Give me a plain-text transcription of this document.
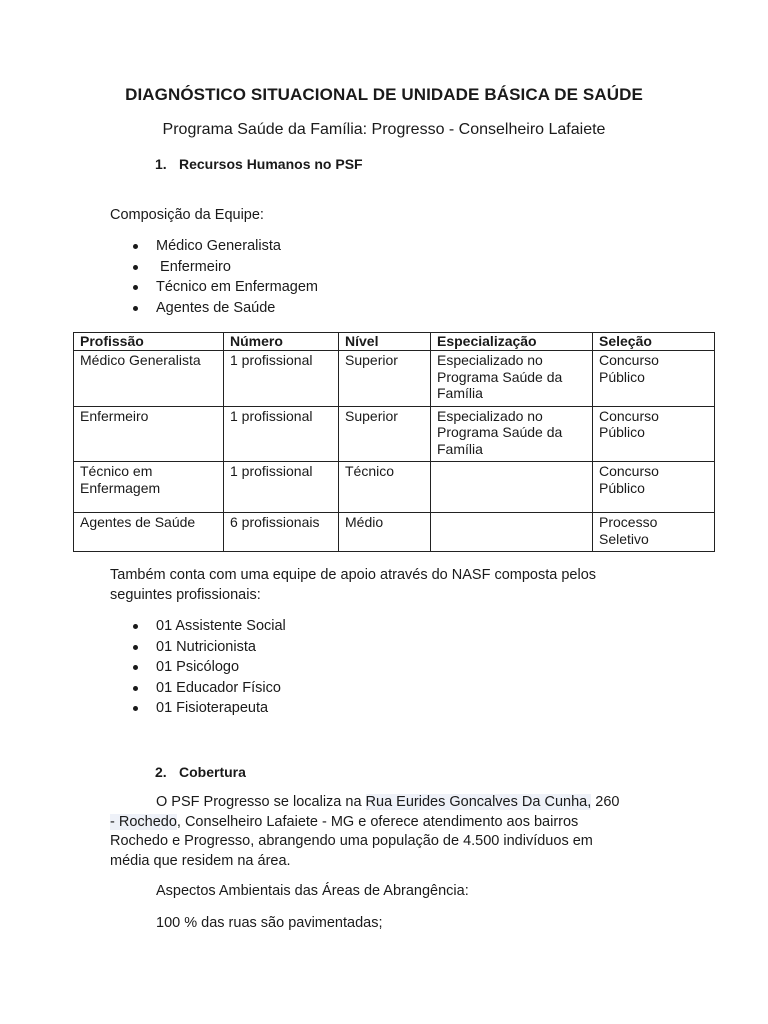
DIAGNÓSTICO SITUACIONAL DE UNIDADE BÁSICA DE SAÚDE
Programa Saúde da Família: Progresso - Conselheiro Lafaiete
1. Recursos Humanos no PSF
Composição da Equipe:
Médico Generalista
Enfermeiro
Técnico em Enfermagem
Agentes de Saúde
Profissão	Número	Nível	Especialização	Seleção
Médico Generalista	1 profissional	Superior	Especializado no Programa Saúde da Família	Concurso Público
Enfermeiro	1 profissional	Superior	Especializado no Programa Saúde da Família	Concurso Público
Técnico em Enfermagem	1 profissional	Técnico		Concurso Público
Agentes de Saúde	6 profissionais	Médio		Processo Seletivo
Também conta com uma equipe de apoio através do NASF composta pelos
seguintes profissionais:
01 Assistente Social
01 Nutricionista
01 Psicólogo
01 Educador Físico
01 Fisioterapeuta
2. Cobertura
O PSF Progresso se localiza na Rua Eurides Goncalves Da Cunha, 260
- Rochedo, Conselheiro Lafaiete - MG e oferece atendimento aos bairros
Rochedo e Progresso, abrangendo uma população de 4.500 indivíduos em
média que residem na área.
Aspectos Ambientais das Áreas de Abrangência:
100 % das ruas são pavimentadas;
